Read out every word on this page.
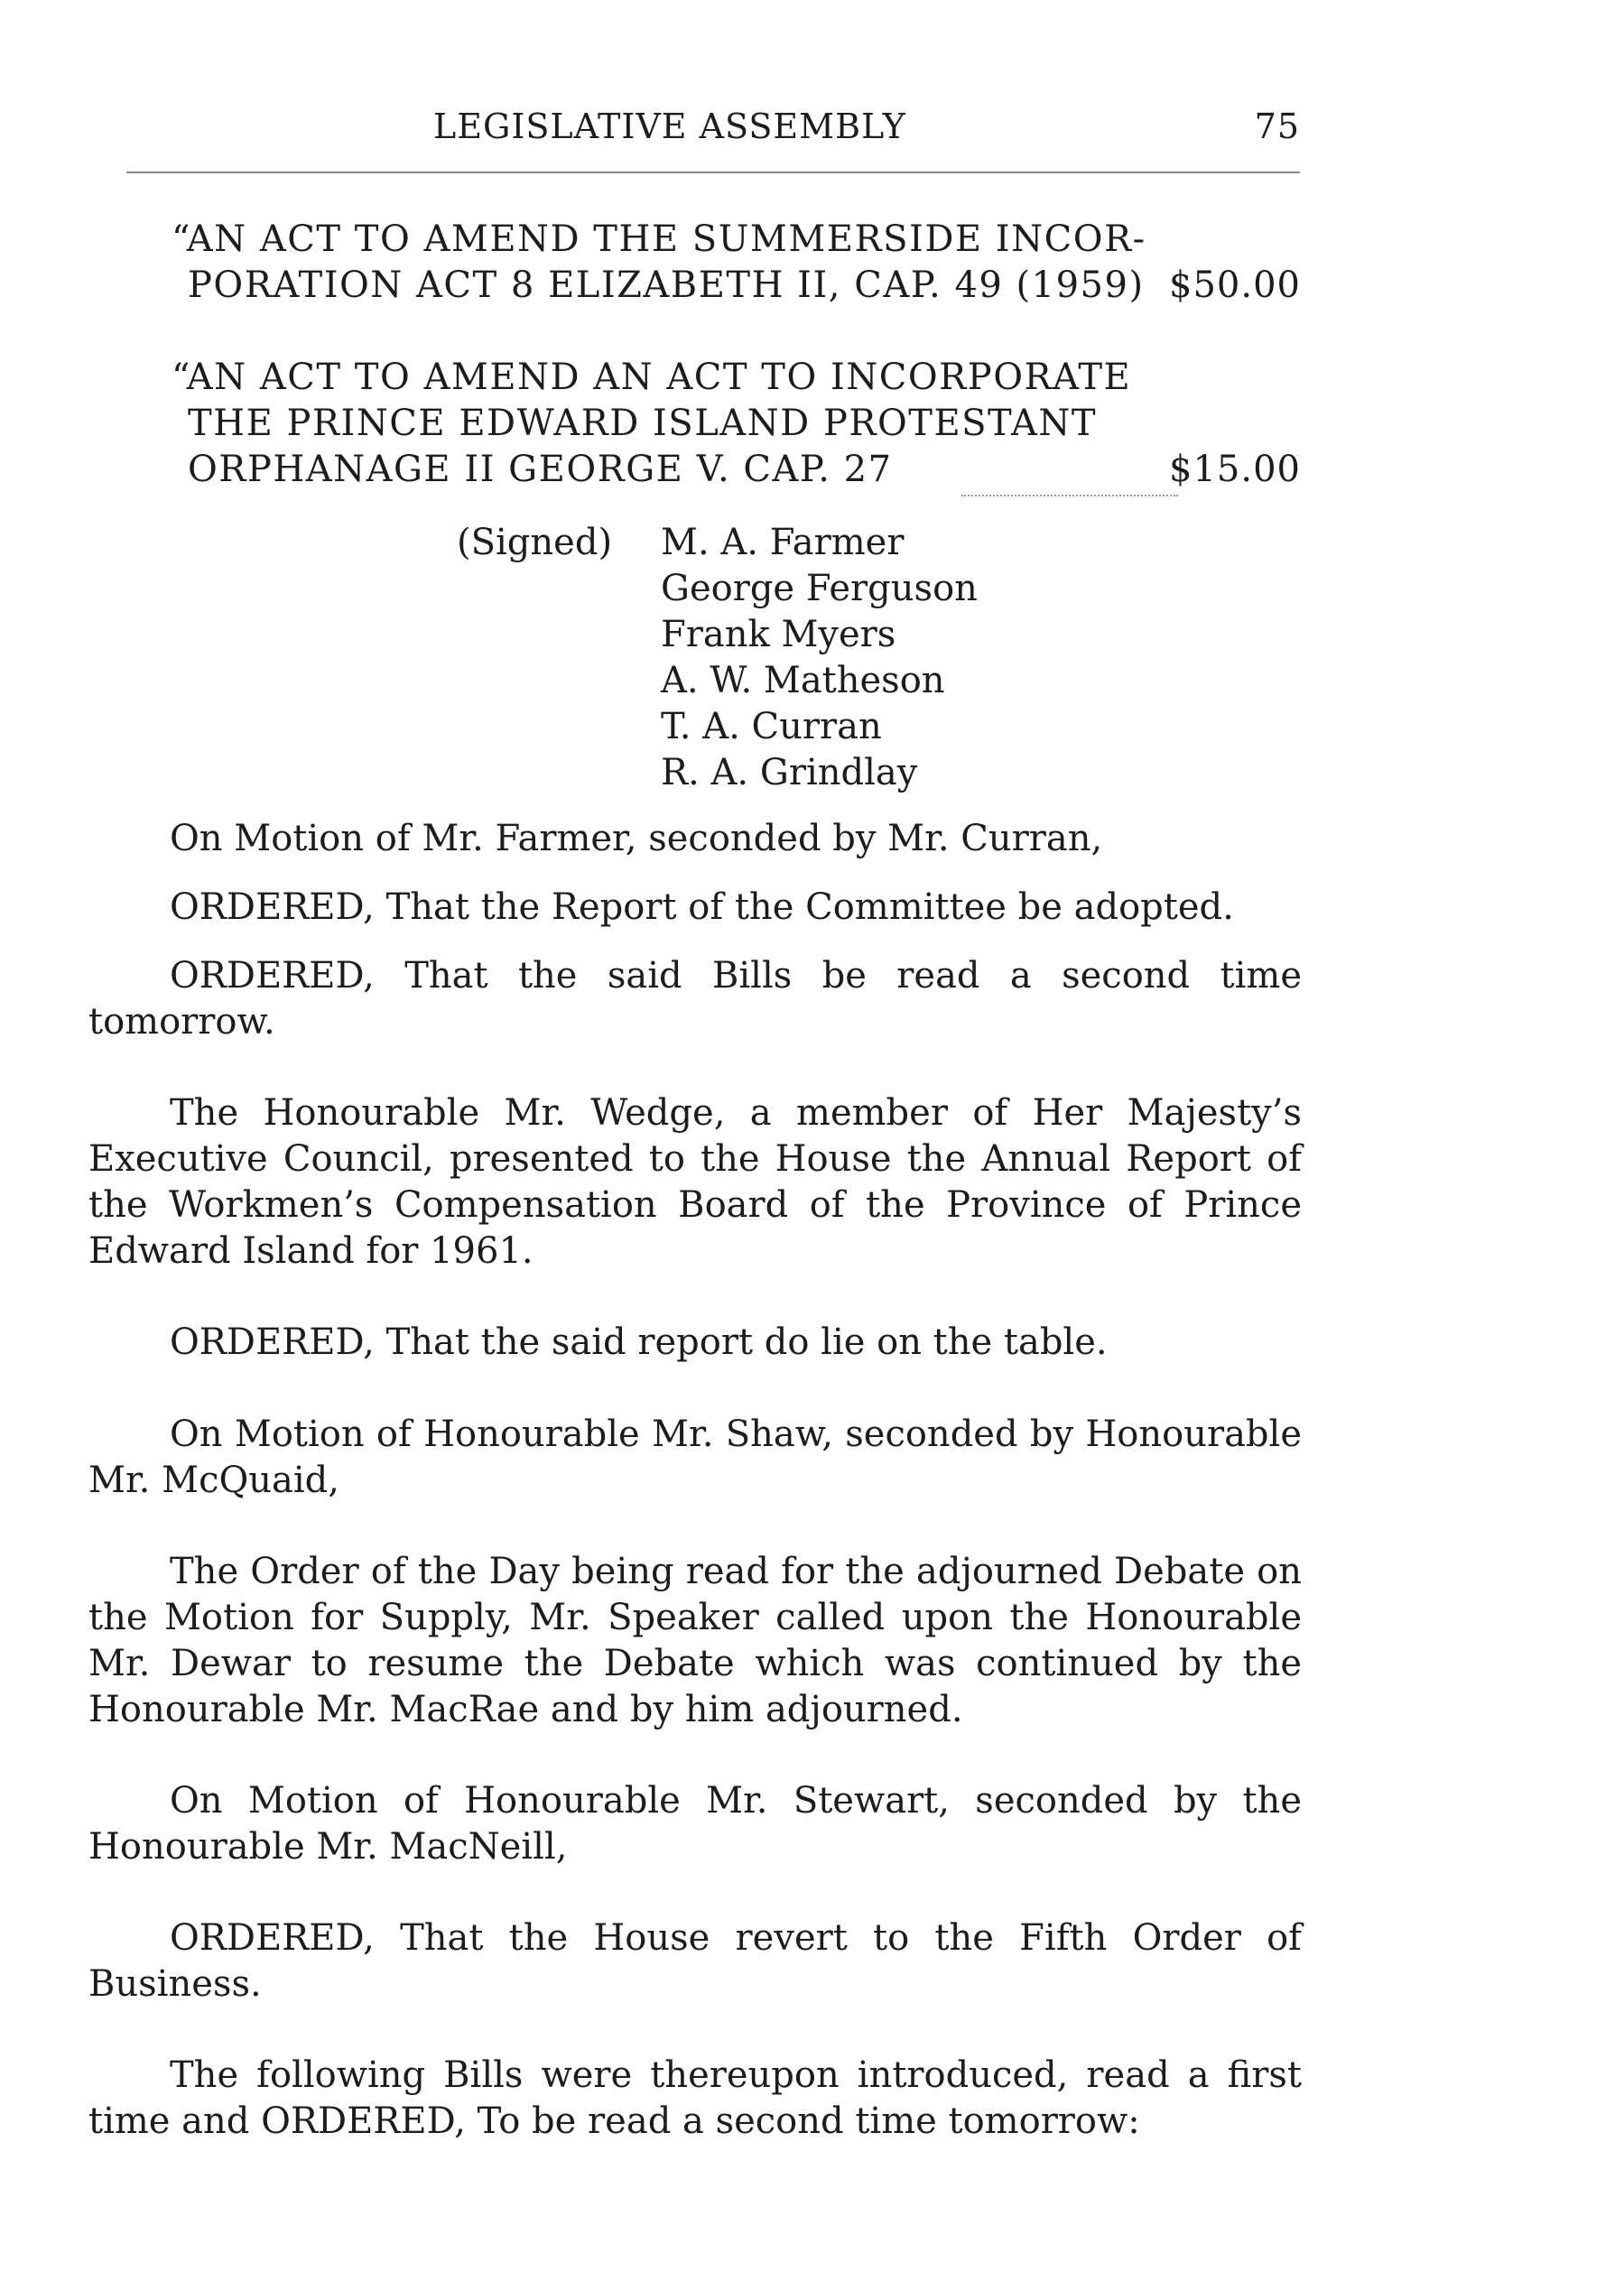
LEGISLATIVE ASSEMBLY	75
“AN ACT TO AMEND THE SUMMERSIDE INCOR-
PORATION ACT 8 ELIZABETH II, CAP. 49 (1959) $50.00
“AN ACT TO AMEND AN ACT TO INCORPORATE
THE PRINCE EDWARD ISLAND PROTESTANT
ORPHANAGE II GEORGE V. CAP. 27	$15.00
(Signed) M. A. Farmer
George Ferguson
Frank Myers
A. W. Matheson
T. A. Curran
R. A. Grindlay

On Motion of Mr. Farmer, seconded by Mr. Curran,

ORDERED, That the Report of the Committee be adopted.

ORDERED, That the said Bills be read a second time tomorrow.

The Honourable Mr. Wedge, a member of Her Majesty’s Executive Council, presented to the House the Annual Report of the Workmen’s Compensation Board of the Province of Prince Edward Island for 1961.

ORDERED, That the said report do lie on the table.

On Motion of Honourable Mr. Shaw, seconded by Honourable Mr. McQuaid,

The Order of the Day being read for the adjourned Debate on the Motion for Supply, Mr. Speaker called upon the Honourable Mr. Dewar to resume the Debate which was continued by the Honourable Mr. MacRae and by him adjourned.

On Motion of Honourable Mr. Stewart, seconded by the Honourable Mr. MacNeill,

ORDERED, That the House revert to the Fifth Order of Business.

The following Bills were thereupon introduced, read a first time and ORDERED, To be read a second time tomorrow:
